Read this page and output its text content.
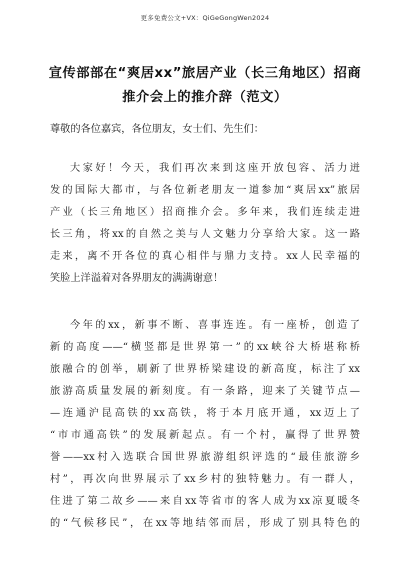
更多免费公文+VX：QiGeGongWen2024
宣传部部在“爽居xx”旅居产业（长三角地区）招商
推介会上的推介辞（范文）
尊敬的各位嘉宾，各位朋友，女士们、先生们：
大家好！今天，我们再次来到这座开放包容、活力迸
发的国际大都市，与各位新老朋友一道参加“爽居xx”旅居
产业（长三角地区）招商推介会。多年来，我们连续走进
长三角，将xx的自然之美与人文魅力分享给大家。这一路
走来，离不开各位的真心相伴与鼎力支持。xx人民幸福的
笑脸上洋溢着对各界朋友的满满谢意！
今年的xx，新事不断、喜事连连。有一座桥，创造了
新的高度——“横竖都是世界第一”的xx峡谷大桥堪称桥
旅融合的创举，刷新了世界桥梁建设的新高度，标注了xx
旅游高质量发展的新刻度。有一条路，迎来了关键节点—
—连通沪昆高铁的xx高铁，将于本月底开通，xx迈上了
“市市通高铁”的发展新起点。有一个村，赢得了世界赞
誉——xx村入选联合国世界旅游组织评选的“最佳旅游乡
村”，再次向世界展示了xx乡村的独特魅力。有一群人，
住进了第二故乡——来自xx等省市的客人成为xx凉夏暖冬
的“气候移民”，在xx等地结邻而居，形成了别具特色的
